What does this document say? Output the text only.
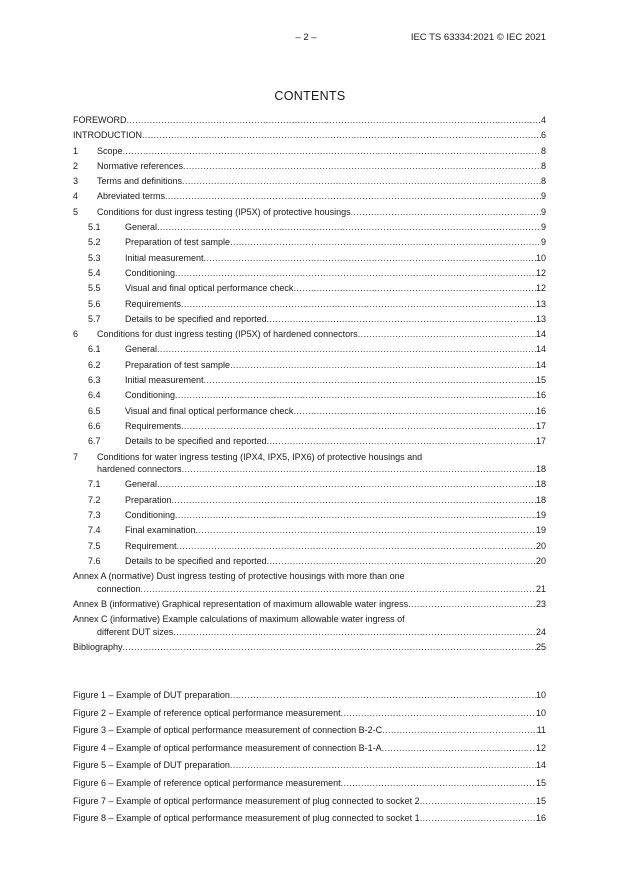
– 2 –	IEC TS 63334:2021 © IEC 2021
CONTENTS
FOREWORD .....	4
INTRODUCTION .....	6
1	Scope .....	8
2	Normative references .....	8
3	Terms and definitions .....	8
4	Abreviated terms .....	9
5	Conditions for dust ingress testing (IP5X) of protective housings .....	9
5.1	General .....	9
5.2	Preparation of test sample .....	9
5.3	Initial measurement .....	10
5.4	Conditioning .....	12
5.5	Visual and final optical performance check .....	12
5.6	Requirements .....	13
5.7	Details to be specified and reported .....	13
6	Conditions for dust ingress testing (IP5X) of hardened connectors .....	14
6.1	General .....	14
6.2	Preparation of test sample .....	14
6.3	Initial measurement .....	15
6.4	Conditioning .....	16
6.5	Visual and final optical performance check .....	16
6.6	Requirements .....	17
6.7	Details to be specified and reported .....	17
7	Conditions for water ingress testing (IPX4, IPX5, IPX6) of protective housings and
hardened connectors .....	18
7.1	General .....	18
7.2	Preparation .....	18
7.3	Conditioning .....	19
7.4	Final examination .....	19
7.5	Requirement .....	20
7.6	Details to be specified and reported .....	20
Annex A (normative) Dust ingress testing of protective housings with more than one
connection .....	21
Annex B (informative) Graphical representation of maximum allowable water ingress .....	23
Annex C (informative) Example calculations of maximum allowable water ingress of
different DUT sizes .....	24
Bibliography .....	25
Figure 1 – Example of DUT preparation .....	10
Figure 2 – Example of reference optical performance measurement .....	10
Figure 3 – Example of optical performance measurement of connection B-2-C .....	11
Figure 4 – Example of optical performance measurement of connection B-1-A .....	12
Figure 5 – Example of DUT preparation .....	14
Figure 6 – Example of reference optical performance measurement .....	15
Figure 7 – Example of optical performance measurement of plug connected to socket 2 .....	15
Figure 8 – Example of optical performance measurement of plug connected to socket 1 .....	16
